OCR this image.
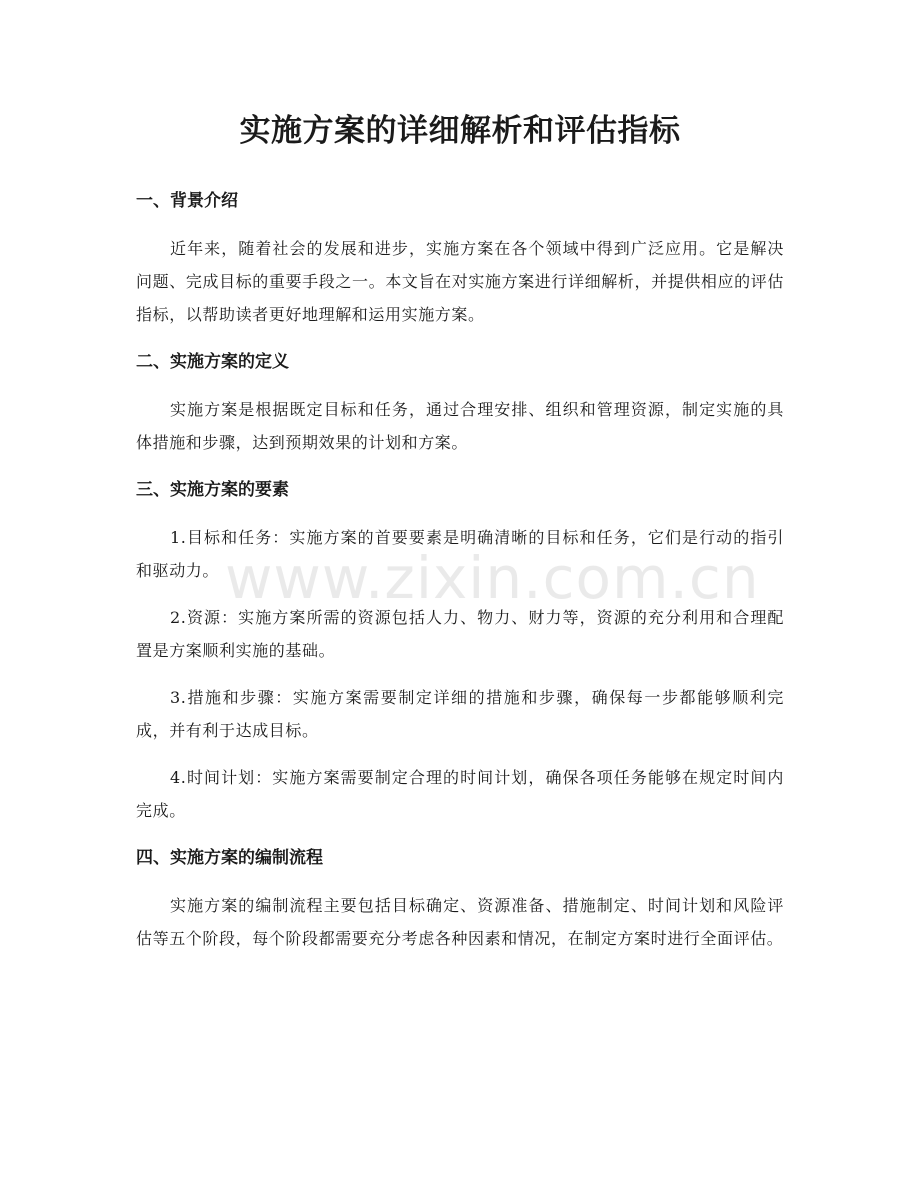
实施方案的详细解析和评估指标
一、背景介绍

近年来，随着社会的发展和进步，实施方案在各个领域中得到广泛应用。它是解决问题、完成目标的重要手段之一。本文旨在对实施方案进行详细解析，并提供相应的评估指标，以帮助读者更好地理解和运用实施方案。

二、实施方案的定义

实施方案是根据既定目标和任务，通过合理安排、组织和管理资源，制定实施的具体措施和步骤，达到预期效果的计划和方案。

三、实施方案的要素

1.目标和任务：实施方案的首要要素是明确清晰的目标和任务，它们是行动的指引和驱动力。

2.资源：实施方案所需的资源包括人力、物力、财力等，资源的充分利用和合理配置是方案顺利实施的基础。

3.措施和步骤：实施方案需要制定详细的措施和步骤，确保每一步都能够顺利完成，并有利于达成目标。

4.时间计划：实施方案需要制定合理的时间计划，确保各项任务能够在规定时间内完成。

四、实施方案的编制流程

实施方案的编制流程主要包括目标确定、资源准备、措施制定、时间计划和风险评估等五个阶段，每个阶段都需要充分考虑各种因素和情况，在制定方案时进行全面评估。

www.zixin.com.cn
